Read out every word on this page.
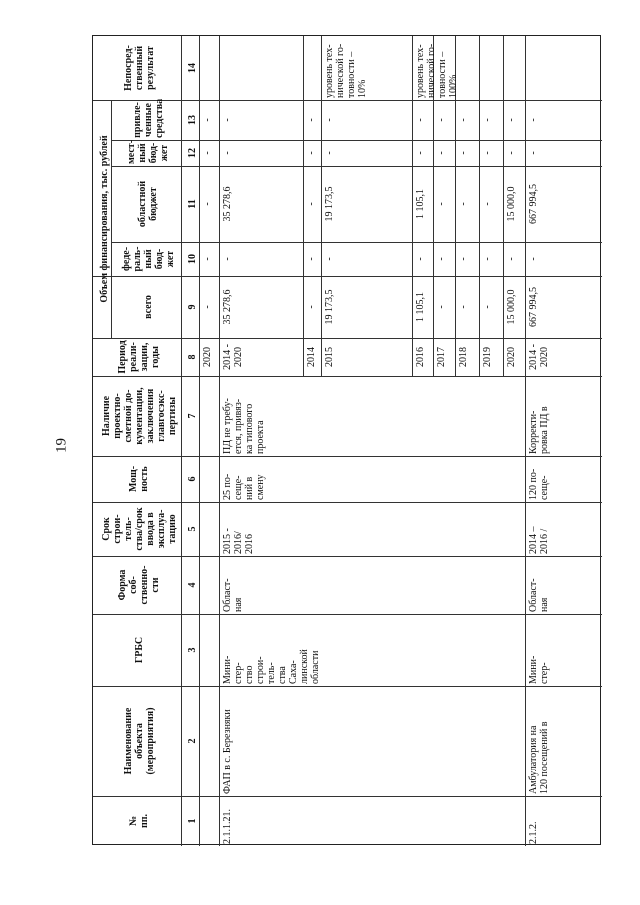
19
№
пп.
Наименование
объекта
(мероприятия)
ГРБС
Форма
соб-
ственно-
сти
Срок
строи-
тель-
ства/срок
ввода в
эксплуа-
тацию
Мощ-
ность
Наличие
проектно-
сметной до-
кументации,
заключения
главгосэкс-
пертизы
Период
реали-
зации,
годы
всего
феде-
раль-
ный
бюд-
жет
областной
бюджет
мест-
ный
бюд-
жет
привле-
ченные
средства
Непосред-
ственный
результат
Объем финансирования, тыс. рублей
1
2
3
4
5
6
7
8
9
10
11
12
13
14
2020
-
-
-
-
-
2014 -
2020
35 278,6
-
35 278,6
-
-
2.1.1.21.
ФАП в с. Березняки
Мини-
стер-
ство
строи-
тель-
ства
Саха-
линской
области
Област-
ная
2015 -
2016/
2016
25 по-
сеще-
ний в
смену
ПД не требу-
ется, привяз-
ка типового
проекта
2014
-
-
-
-
-
2015
19 173,5
-
19 173,5
-
-
уровень тех-
нической го-
товности –
10%
2016
1 105,1
-
1 105,1
-
-
уровень тех-
нической го-
товности –
100%
2017
-
-
-
-
-
2018
-
-
-
-
-
2019
-
-
-
-
-
2020
15 000,0
-
15 000,0
-
-
2014 -
2020
667 994,5
-
667 994,5
-
-
2.1.2.
Амбулатория на
120 посещений в
Мини-
стер-
Област-
ная
2014 –
2016 /
120 по-
сеще-
Корректи-
ровка ПД в
